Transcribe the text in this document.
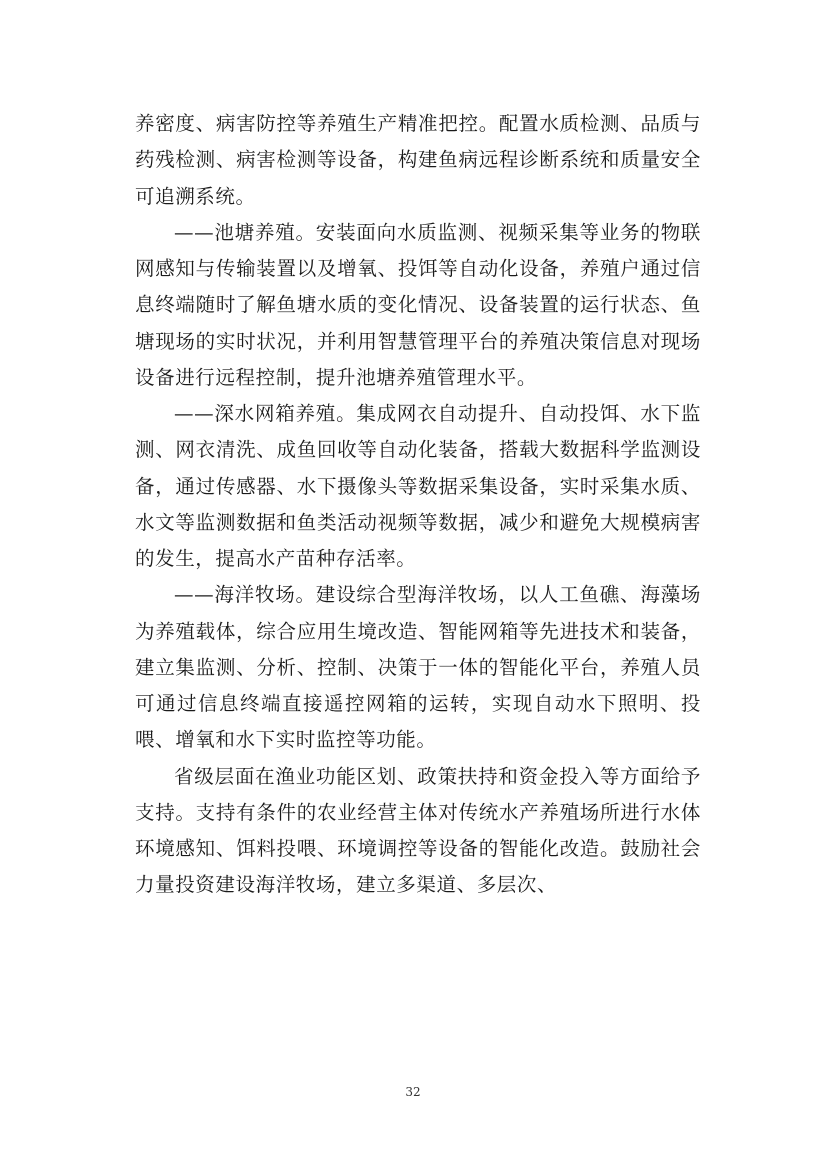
养密度、病害防控等养殖生产精准把控。配置水质检测、品质与药残检测、病害检测等设备，构建鱼病远程诊断系统和质量安全可追溯系统。

——池塘养殖。安装面向水质监测、视频采集等业务的物联网感知与传输装置以及增氧、投饵等自动化设备，养殖户通过信息终端随时了解鱼塘水质的变化情况、设备装置的运行状态、鱼塘现场的实时状况，并利用智慧管理平台的养殖决策信息对现场设备进行远程控制，提升池塘养殖管理水平。

——深水网箱养殖。集成网衣自动提升、自动投饵、水下监测、网衣清洗、成鱼回收等自动化装备，搭载大数据科学监测设备，通过传感器、水下摄像头等数据采集设备，实时采集水质、水文等监测数据和鱼类活动视频等数据，减少和避免大规模病害的发生，提高水产苗种存活率。

——海洋牧场。建设综合型海洋牧场，以人工鱼礁、海藻场为养殖载体，综合应用生境改造、智能网箱等先进技术和装备，建立集监测、分析、控制、决策于一体的智能化平台，养殖人员可通过信息终端直接遥控网箱的运转，实现自动水下照明、投喂、增氧和水下实时监控等功能。

省级层面在渔业功能区划、政策扶持和资金投入等方面给予支持。支持有条件的农业经营主体对传统水产养殖场所进行水体环境感知、饵料投喂、环境调控等设备的智能化改造。鼓励社会力量投资建设海洋牧场，建立多渠道、多层次、

32
